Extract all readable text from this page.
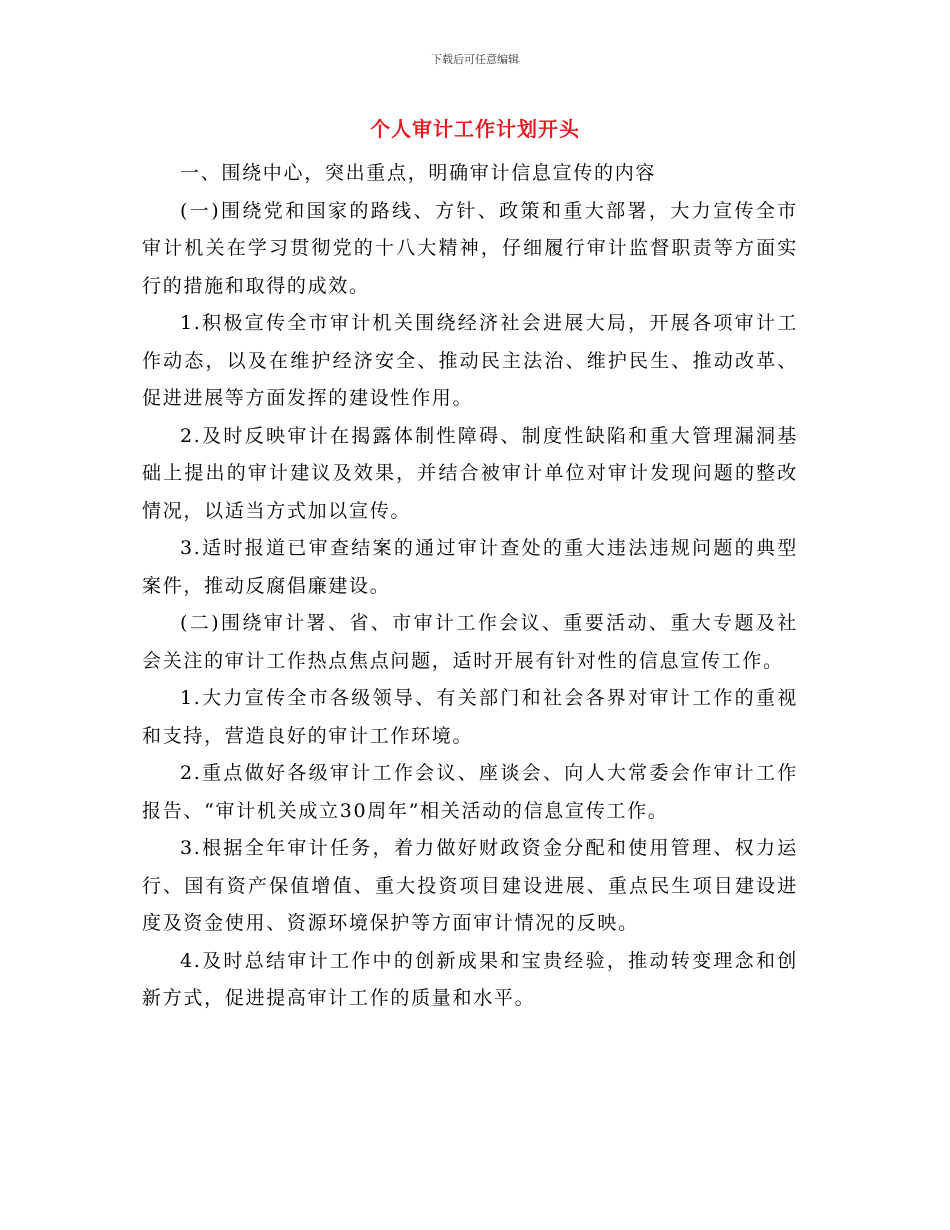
下载后可任意编辑
个人审计工作计划开头

一、围绕中心，突出重点，明确审计信息宣传的内容

(一)围绕党和国家的路线、方针、政策和重大部署，大力宣传全市审计机关在学习贯彻党的十八大精神，仔细履行审计监督职责等方面实行的措施和取得的成效。

1.积极宣传全市审计机关围绕经济社会进展大局，开展各项审计工作动态，以及在维护经济安全、推动民主法治、维护民生、推动改革、促进进展等方面发挥的建设性作用。

2.及时反映审计在揭露体制性障碍、制度性缺陷和重大管理漏洞基础上提出的审计建议及效果，并结合被审计单位对审计发现问题的整改情况，以适当方式加以宣传。

3.适时报道已审查结案的通过审计查处的重大违法违规问题的典型案件，推动反腐倡廉建设。

(二)围绕审计署、省、市审计工作会议、重要活动、重大专题及社会关注的审计工作热点焦点问题，适时开展有针对性的信息宣传工作。

1.大力宣传全市各级领导、有关部门和社会各界对审计工作的重视和支持，营造良好的审计工作环境。

2.重点做好各级审计工作会议、座谈会、向人大常委会作审计工作报告、“审计机关成立30周年”相关活动的信息宣传工作。

3.根据全年审计任务，着力做好财政资金分配和使用管理、权力运行、国有资产保值增值、重大投资项目建设进展、重点民生项目建设进度及资金使用、资源环境保护等方面审计情况的反映。

4.及时总结审计工作中的创新成果和宝贵经验，推动转变理念和创新方式，促进提高审计工作的质量和水平。
